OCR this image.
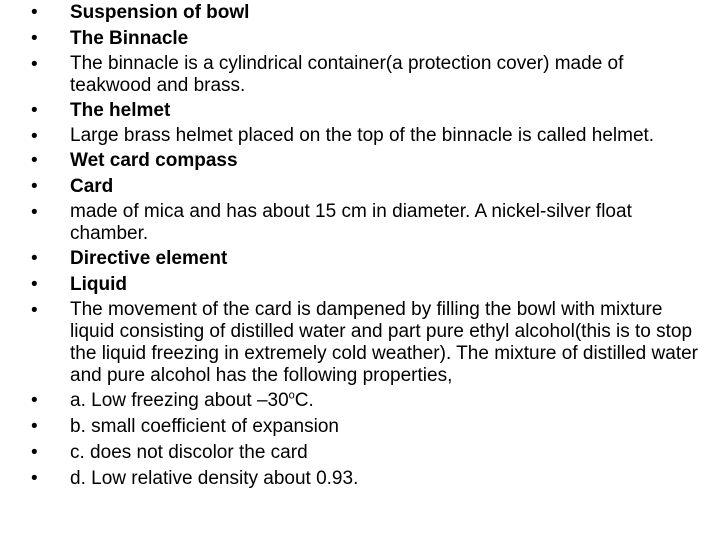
• Suspension of bowl
• The Binnacle
• The binnacle is a cylindrical container(a protection cover) made of teakwood and brass.
• The helmet
• Large brass helmet placed on the top of the binnacle is called helmet.
• Wet card compass
• Card
• made of mica and has about 15 cm in diameter. A nickel-silver float chamber.
• Directive element
• Liquid
• The movement of the card is dampened by filling the bowl with mixture liquid consisting of distilled water and part pure ethyl alcohol(this is to stop the liquid freezing in extremely cold weather). The mixture of distilled water and pure alcohol has the following properties,
• a. Low freezing about –30$^o$C.
• b. small coefficient of expansion
• c. does not discolor the card
• d. Low relative density about 0.93.
